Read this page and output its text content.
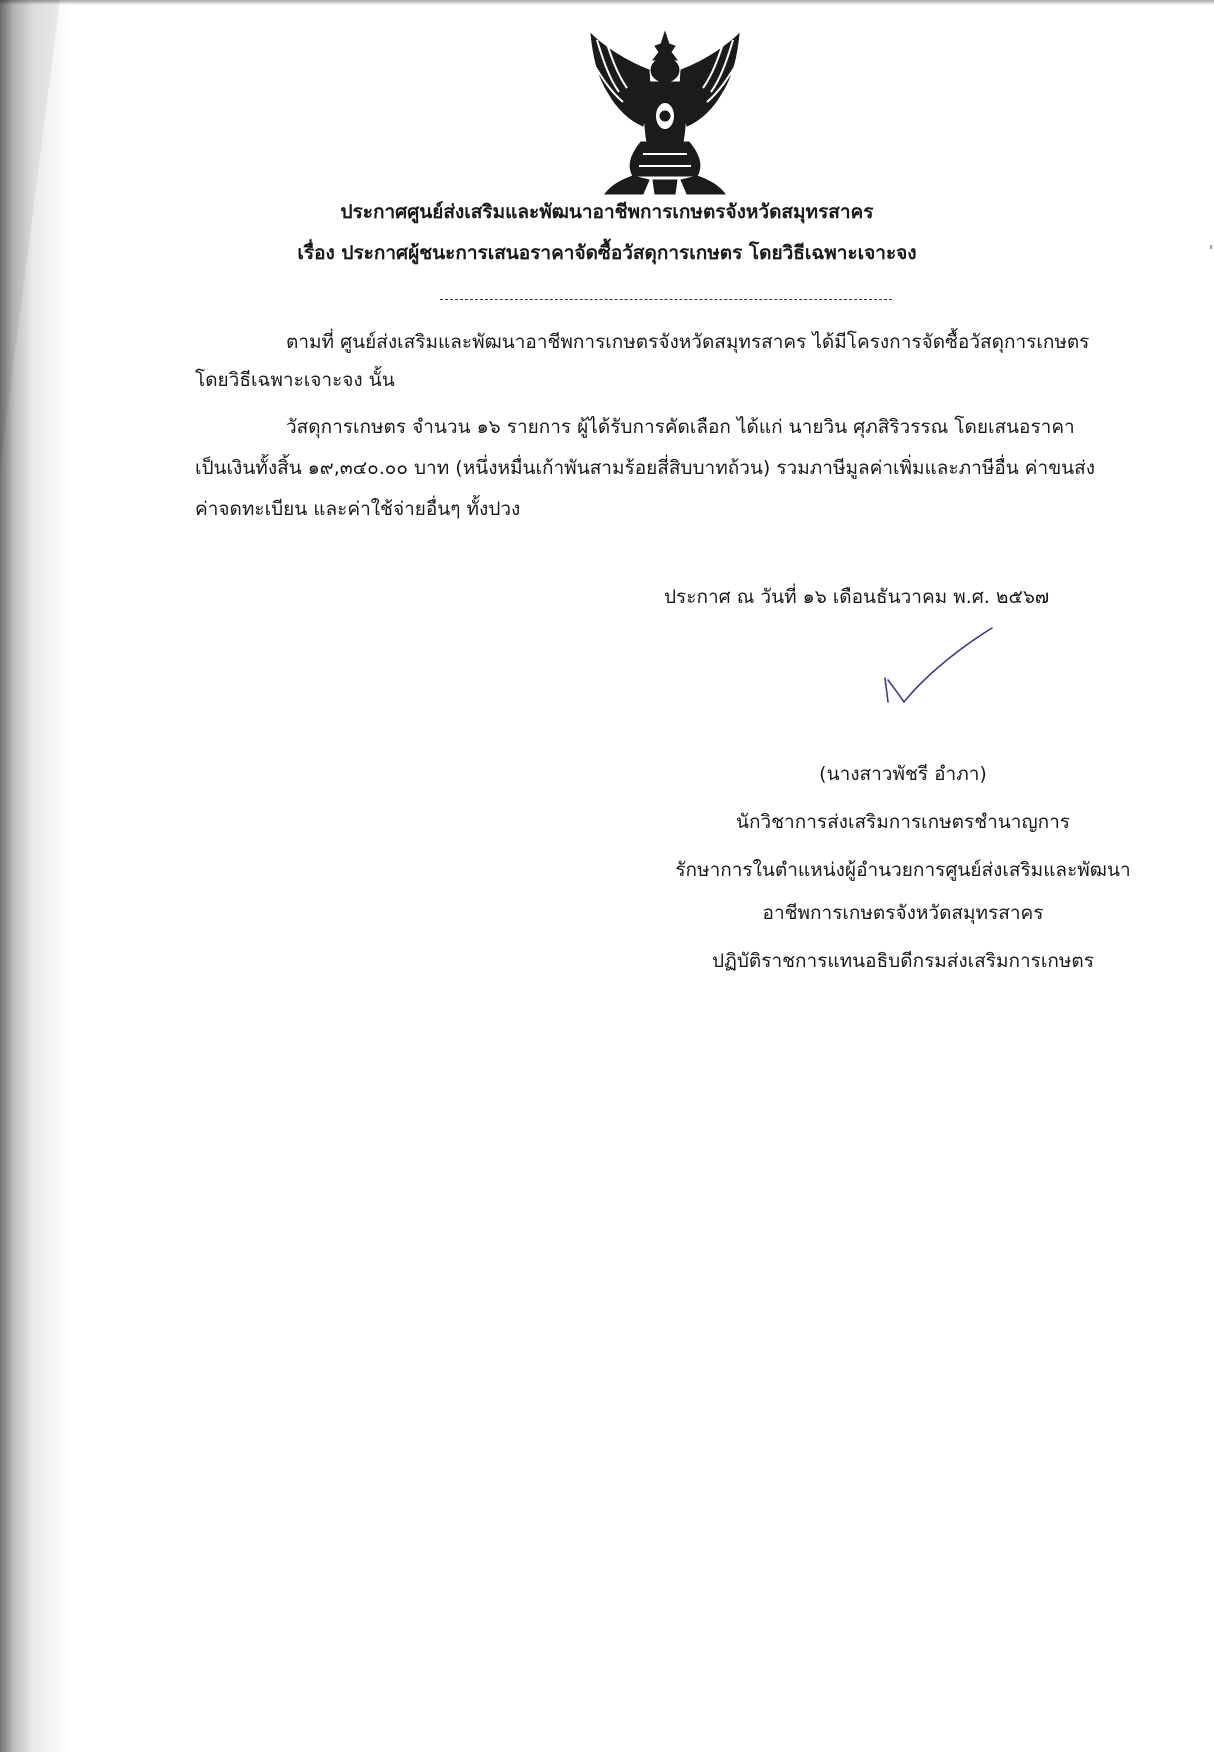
ประกาศศูนย์ส่งเสริมและพัฒนาอาชีพการเกษตรจังหวัดสมุทรสาคร
เรื่อง ประกาศผู้ชนะการเสนอราคาจัดซื้อวัสดุการเกษตร โดยวิธีเฉพาะเจาะจง
ตามที่ ศูนย์ส่งเสริมและพัฒนาอาชีพการเกษตรจังหวัดสมุทรสาคร ได้มีโครงการจัดซื้อวัสดุการเกษตร
โดยวิธีเฉพาะเจาะจง นั้น
วัสดุการเกษตร จำนวน ๑๖ รายการ ผู้ได้รับการคัดเลือก ได้แก่ นายวิน ศุภสิริวรรณ โดยเสนอราคา
เป็นเงินทั้งสิ้น ๑๙,๓๔๐.๐๐ บาท (หนึ่งหมื่นเก้าพันสามร้อยสี่สิบบาทถ้วน) รวมภาษีมูลค่าเพิ่มและภาษีอื่น ค่าขนส่ง
ค่าจดทะเบียน และค่าใช้จ่ายอื่นๆ ทั้งปวง
ประกาศ ณ วันที่ ๑๖ เดือนธันวาคม พ.ศ. ๒๕๖๗
(นางสาวพัชรี อำภา)
นักวิชาการส่งเสริมการเกษตรชำนาญการ
รักษาการในตำแหน่งผู้อำนวยการศูนย์ส่งเสริมและพัฒนา
อาชีพการเกษตรจังหวัดสมุทรสาคร
ปฏิบัติราชการแทนอธิบดีกรมส่งเสริมการเกษตร
